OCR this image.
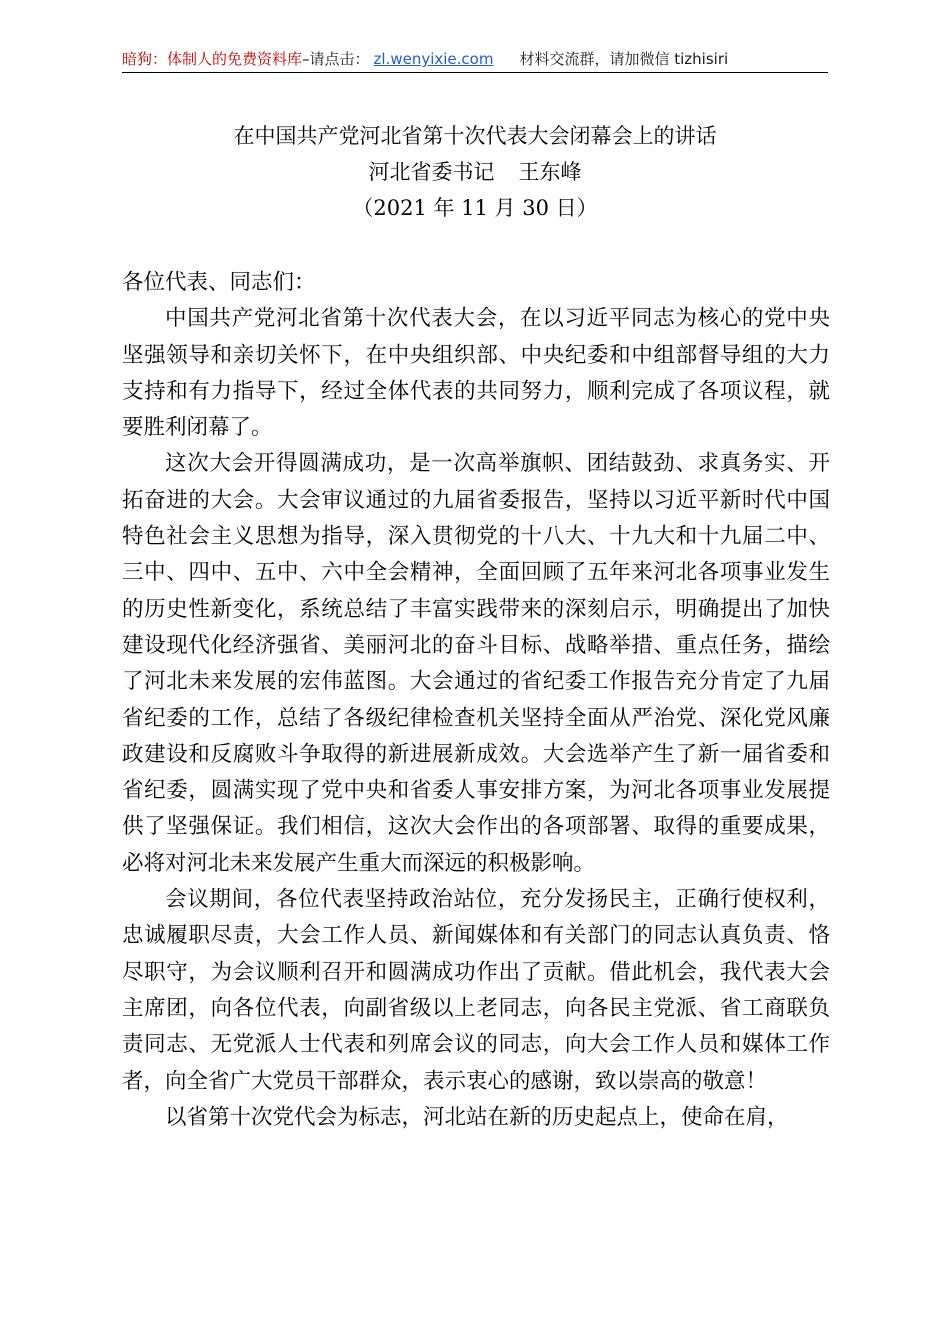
暗狗：体制人的免费资料库–请点击： zl.wenyixie.com 材料交流群，请加微信 tizhisiri
在中国共产党河北省第十次代表大会闭幕会上的讲话
河北省委书记 王东峰
（2021 年 11 月 30 日）

各位代表、同志们：

中国共产党河北省第十次代表大会，在以习近平同志为核心的党中央坚强领导和亲切关怀下，在中央组织部、中央纪委和中组部督导组的大力支持和有力指导下，经过全体代表的共同努力，顺利完成了各项议程，就要胜利闭幕了。

这次大会开得圆满成功，是一次高举旗帜、团结鼓劲、求真务实、开拓奋进的大会。大会审议通过的九届省委报告，坚持以习近平新时代中国特色社会主义思想为指导，深入贯彻党的十八大、十九大和十九届二中、三中、四中、五中、六中全会精神，全面回顾了五年来河北各项事业发生的历史性新变化，系统总结了丰富实践带来的深刻启示，明确提出了加快建设现代化经济强省、美丽河北的奋斗目标、战略举措、重点任务，描绘了河北未来发展的宏伟蓝图。大会通过的省纪委工作报告充分肯定了九届省纪委的工作，总结了各级纪律检查机关坚持全面从严治党、深化党风廉政建设和反腐败斗争取得的新进展新成效。大会选举产生了新一届省委和省纪委，圆满实现了党中央和省委人事安排方案，为河北各项事业发展提供了坚强保证。我们相信，这次大会作出的各项部署、取得的重要成果，必将对河北未来发展产生重大而深远的积极影响。

会议期间，各位代表坚持政治站位，充分发扬民主，正确行使权利，忠诚履职尽责，大会工作人员、新闻媒体和有关部门的同志认真负责、恪尽职守，为会议顺利召开和圆满成功作出了贡献。借此机会，我代表大会主席团，向各位代表，向副省级以上老同志，向各民主党派、省工商联负责同志、无党派人士代表和列席会议的同志，向大会工作人员和媒体工作者，向全省广大党员干部群众，表示衷心的感谢，致以崇高的敬意！

以省第十次党代会为标志，河北站在新的历史起点上，使命在肩，
